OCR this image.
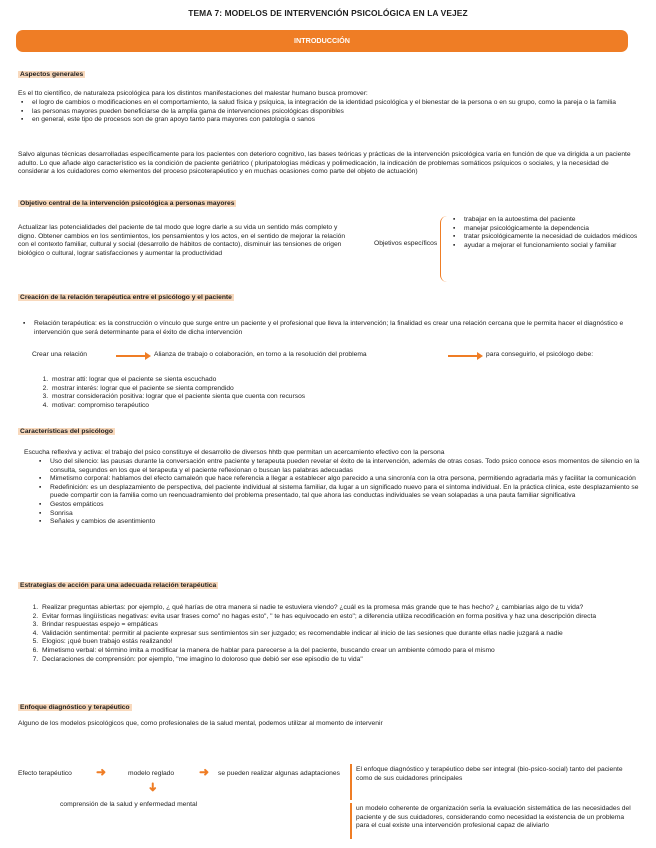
TEMA 7: MODELOS DE INTERVENCIÓN PSICOLÓGICA EN LA VEJEZ
INTRODUCCIÓN
Aspectos generales
Es el tto científico, de naturaleza psicológica para los distintos manifestaciones del malestar humano busca promover:
▪ el logro de cambios o modificaciones en el comportamiento, la salud física y psíquica, la integración de la identidad psicológica y el bienestar de la persona o en su grupo, como la pareja o la familia
▪ las personas mayores pueden beneficiarse de la amplia gama de intervenciones psicológicas disponibles
▪ en general, este tipo de procesos son de gran apoyo tanto para mayores con patología o sanos
Salvo algunas técnicas desarrolladas específicamente para los pacientes con deterioro cognitivo, las bases teóricas y prácticas de la intervención psicológica varía en función de que va dirigida a un paciente adulto. Lo que añade algo característico es la condición de paciente geriátrico ( pluripatologías médicas y polimedicación, la indicación de problemas somáticos psíquicos o sociales, y la necesidad de considerar a los cuidadores como elementos del proceso psicoterapéutico y en muchas ocasiones como parte del objeto de actuación)
Objetivo central de la intervención psicológica a personas mayores
Actualizar las potencialidades del paciente de tal modo que logre darle a su vida un sentido más completo y digno. Obtener cambios en los sentimientos, los pensamientos y los actos, en el sentido de mejorar la relación con el contexto familiar, cultural y social (desarrollo de hábitos de contacto), disminuir las tensiones de origen biológico o cultural, lograr satisfacciones y aumentar la productividad
Objetivos específicos
▪ trabajar en la autoestima del paciente
▪ manejar psicológicamente la dependencia
▪ tratar psicológicamente la necesidad de cuidados médicos
▪ ayudar a mejorar el funcionamiento social y familiar
Creación de la relación terapéutica entre el psicólogo y el paciente
▪ Relación terapéutica: es la construcción o vínculo que surge entre un paciente y el profesional que lleva la intervención; la finalidad es crear una relación cercana que le permita hacer el diagnóstico e intervención que será determinante para el éxito de dicha intervención
Crear una relación	Alianza de trabajo o colaboración, en torno a la resolución del problema	para conseguirlo, el psicólogo debe:
1. mostrar atti: lograr que el paciente se sienta escuchado
2. mostrar interés: lograr que el paciente se sienta comprendido
3. mostrar consideración positiva: lograr que el paciente sienta que cuenta con recursos
4. motivar: compromiso terapéutico
Características del psicólogo
Escucha reflexiva y activa: el trabajo del psico constituye el desarrollo de diversos hhtb que permitan un acercamiento efectivo con la persona
▪ Uso del silencio: las pausas durante la conversación entre paciente y terapeuta pueden revelar el éxito de la intervención, además de otras cosas. Todo psico conoce esos momentos de silencio en la consulta, segundos en los que el terapeuta y el paciente reflexionan o buscan las palabras adecuadas
▪ Mimetismo corporal: hablamos del efecto camaleón que hace referencia a llegar a establecer algo parecido a una sincronía con la otra persona, permitiendo agradarla más y facilitar la comunicación
▪ Redefinición: es un desplazamiento de perspectiva, del paciente individual al sistema familiar, da lugar a un significado nuevo para el síntoma individual. En la práctica clínica, este desplazamiento se puede compartir con la familia como un reencuadramiento del problema presentado, tal que ahora las conductas individuales se vean solapadas a una pauta familiar significativa
▪ Gestos empáticos
▪ Sonrisa
▪ Señales y cambios de asentimiento
Estrategias de acción para una adecuada relación terapéutica
1. Realizar preguntas abiertas: por ejemplo, ¿ qué harías de otra manera si nadie te estuviera viendo? ¿cuál es la promesa más grande que te has hecho? ¿ cambiarías algo de tu vida?
2. Evitar formas lingüísticas negativas: evita usar frases como" no hagas esto", " te has equivocado en esto"; a diferencia utiliza recodificación en forma positiva y haz una descripción directa
3. Brindar respuestas espejo = empáticas
4. Validación sentimental: permitir al paciente expresar sus sentimientos sin ser juzgado; es recomendable indicar al inicio de las sesiones que durante ellas nadie juzgará a nadie
5. Elogios: ¡qué buen trabajo estás realizando!
6. Mimetismo verbal: el término imita a modificar la manera de hablar para parecerse a la del paciente, buscando crear un ambiente cómodo para el mismo
7. Declaraciones de comprensión: por ejemplo, "me imagino lo doloroso que debió ser ese episodio de tu vida"
Enfoque diagnóstico y terapéutico
Alguno de los modelos psicológicos que, como profesionales de la salud mental, podemos utilizar al momento de intervenir
Efecto terapéutico ➜	modelo reglado ➜ se pueden realizar algunas adaptaciones
➜
comprensión de la salud y enfermedad mental
El enfoque diagnóstico y terapéutico debe ser integral (bio-psico-social) tanto del paciente como de sus cuidadores principales
un modelo coherente de organización sería la evaluación sistemática de las necesidades del paciente y de sus cuidadores, considerando como necesidad la existencia de un problema para el cual existe una intervención profesional capaz de aliviarlo
